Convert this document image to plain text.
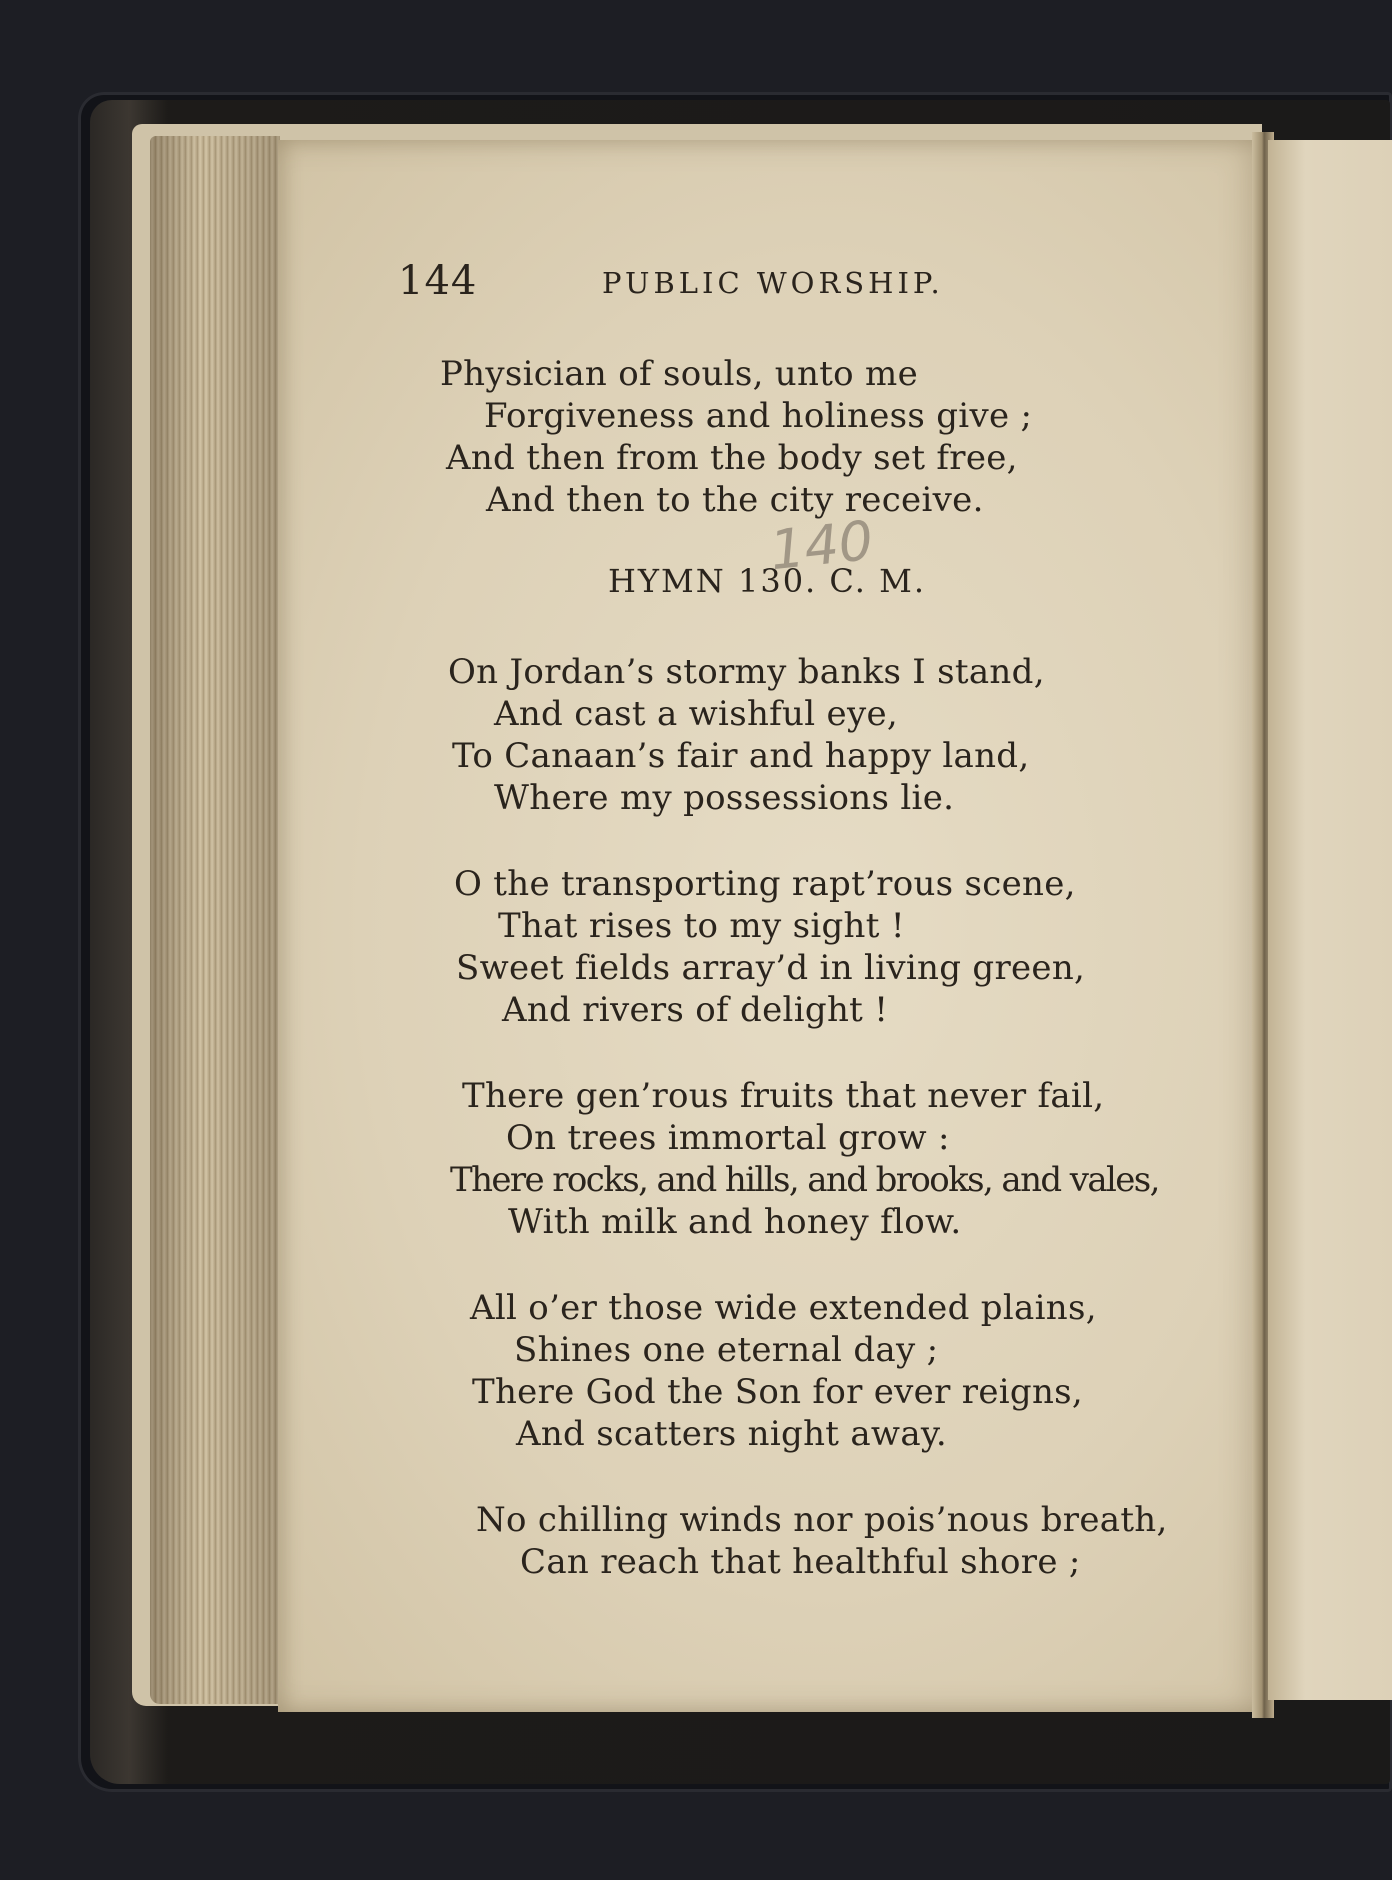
144	PUBLIC WORSHIP.
Physician of souls, unto me
Forgiveness and holiness give ;
And then from the body set free,
And then to the city receive.
140
HYMN 130. C. M.
On Jordan’s stormy banks I stand,
And cast a wishful eye,
To Canaan’s fair and happy land,
Where my possessions lie.
O the transporting rapt’rous scene,
That rises to my sight !
Sweet fields array’d in living green,
And rivers of delight !
There gen’rous fruits that never fail,
On trees immortal grow :
There rocks, and hills, and brooks, and vales,
With milk and honey flow.
All o’er those wide extended plains,
Shines one eternal day ;
There God the Son for ever reigns,
And scatters night away.
No chilling winds nor pois’nous breath,
Can reach that healthful shore ;
